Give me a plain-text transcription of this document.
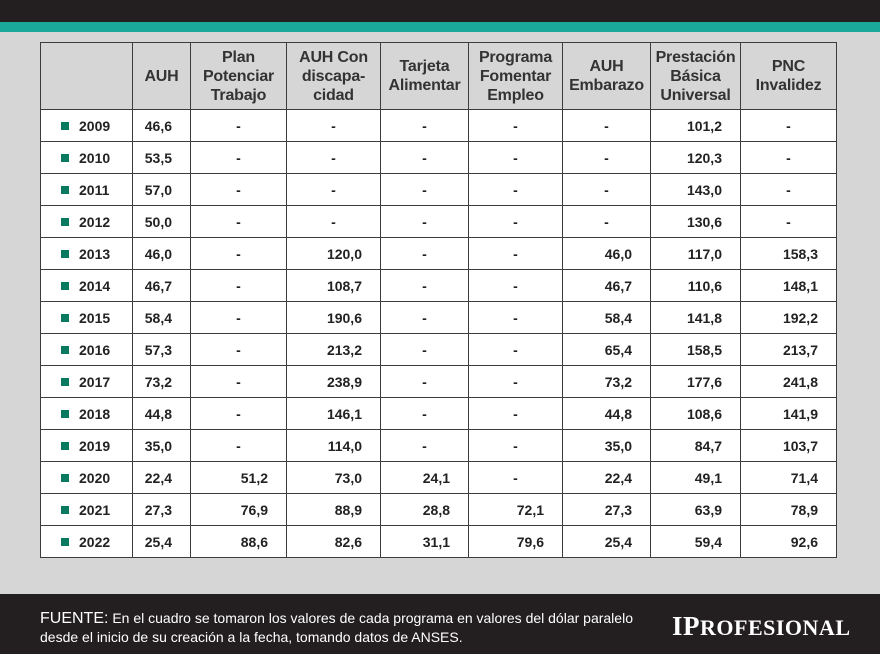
	AUH	Plan
Potenciar
Trabajo	AUH Con
discapa-
cidad	Tarjeta
Alimentar	Programa
Fomentar
Empleo	AUH
Embarazo	Prestación
Básica
Universal	PNC
Invalidez
2009	46,6	-	-	-	-	-	101,2	-
2010	53,5	-	-	-	-	-	120,3	-
2011	57,0	-	-	-	-	-	143,0	-
2012	50,0	-	-	-	-	-	130,6	-
2013	46,0	-	120,0	-	-	46,0	117,0	158,3
2014	46,7	-	108,7	-	-	46,7	110,6	148,1
2015	58,4	-	190,6	-	-	58,4	141,8	192,2
2016	57,3	-	213,2	-	-	65,4	158,5	213,7
2017	73,2	-	238,9	-	-	73,2	177,6	241,8
2018	44,8	-	146,1	-	-	44,8	108,6	141,9
2019	35,0	-	114,0	-	-	35,0	84,7	103,7
2020	22,4	51,2	73,0	24,1	-	22,4	49,1	71,4
2021	27,3	76,9	88,9	28,8	72,1	27,3	63,9	78,9
2022	25,4	88,6	82,6	31,1	79,6	25,4	59,4	92,6
FUENTE: En el cuadro se tomaron los valores de cada programa en valores del dólar paralelo desde el inicio de su creación a la fecha, tomando datos de ANSES.	IPROFESIONAL
